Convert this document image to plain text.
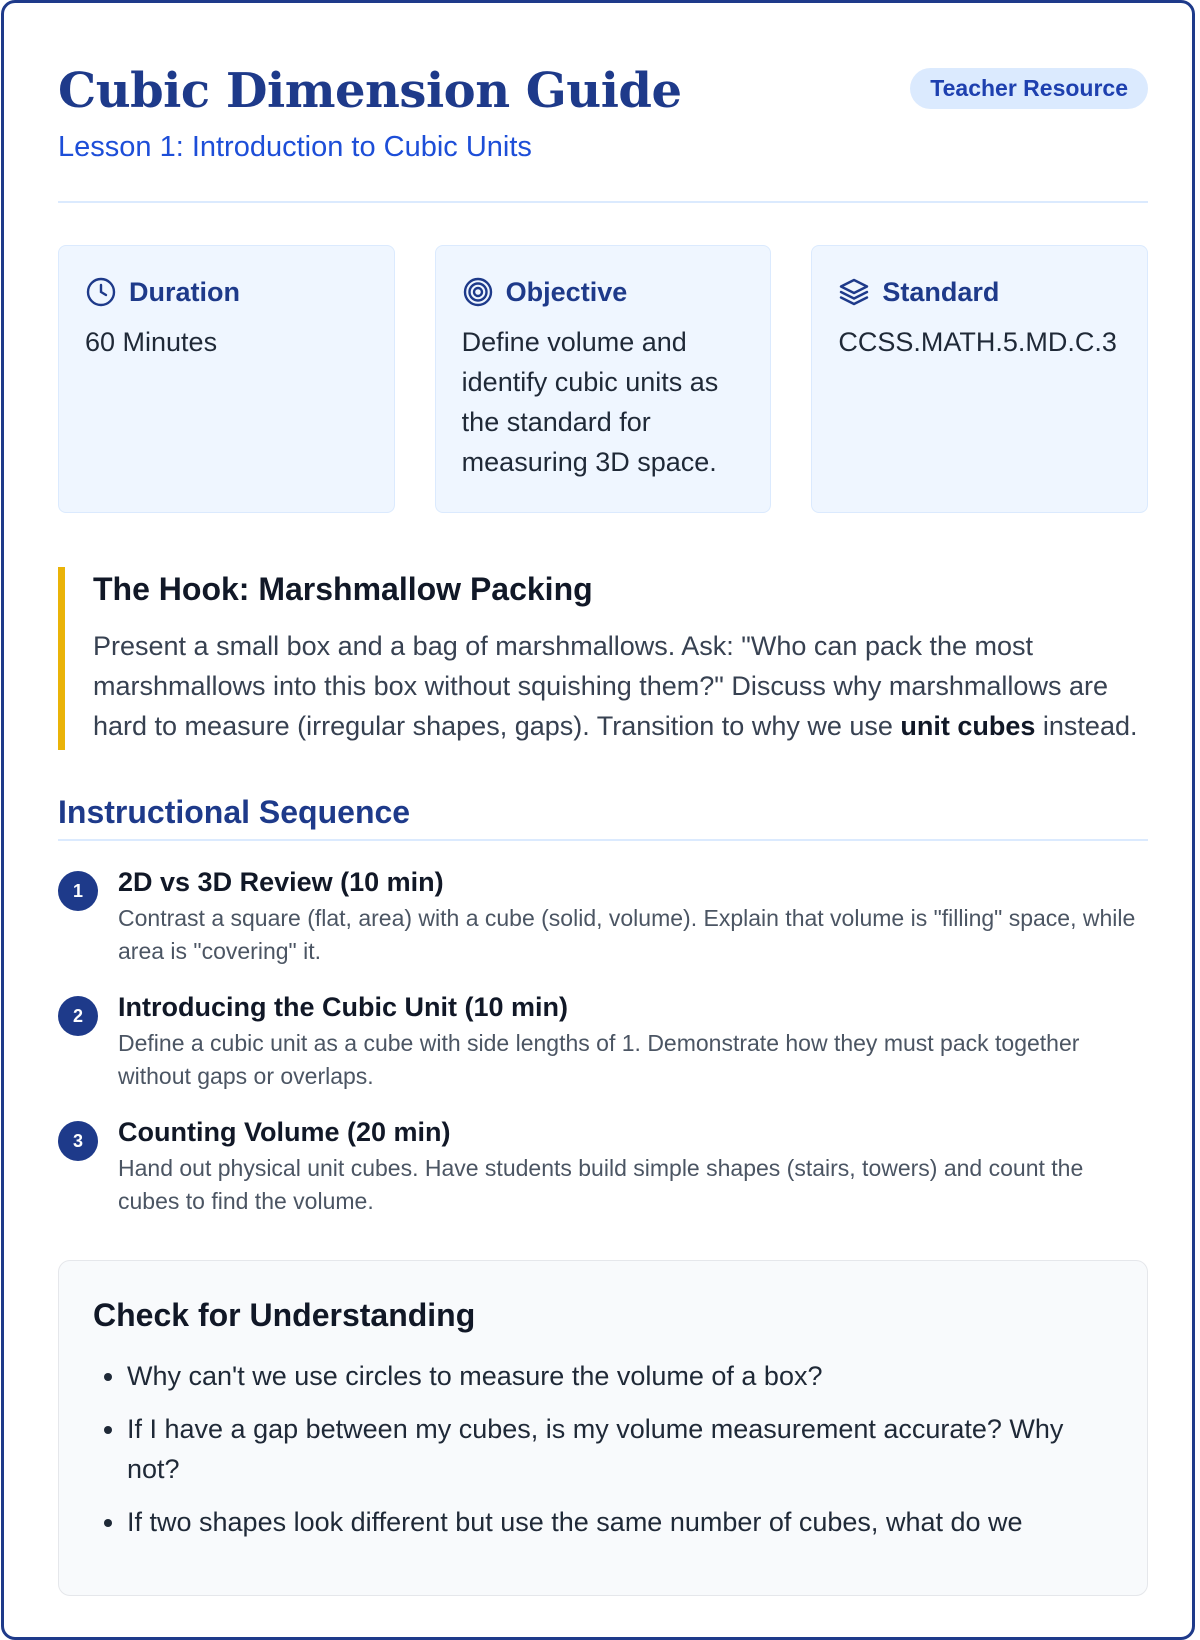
Cubic Dimension Guide
Lesson 1: Introduction to Cubic Units
Teacher Resource
Duration
60 Minutes
Objective
Define volume and identify cubic units as the standard for measuring 3D space.
Standard
CCSS.MATH.5.MD.C.3
The Hook: Marshmallow Packing
Present a small box and a bag of marshmallows. Ask: "Who can pack the most marshmallows into this box without squishing them?" Discuss why marshmallows are hard to measure (irregular shapes, gaps). Transition to why we use unit cubes instead.
Instructional Sequence
1	2D vs 3D Review (10 min)
Contrast a square (flat, area) with a cube (solid, volume). Explain that volume is "filling" space, while area is "covering" it.
2	Introducing the Cubic Unit (10 min)
Define a cubic unit as a cube with side lengths of 1. Demonstrate how they must pack together without gaps or overlaps.
3	Counting Volume (20 min)
Hand out physical unit cubes. Have students build simple shapes (stairs, towers) and count the cubes to find the volume.
Check for Understanding
• Why can't we use circles to measure the volume of a box?
• If I have a gap between my cubes, is my volume measurement accurate? Why not?
• If two shapes look different but use the same number of cubes, what do we
